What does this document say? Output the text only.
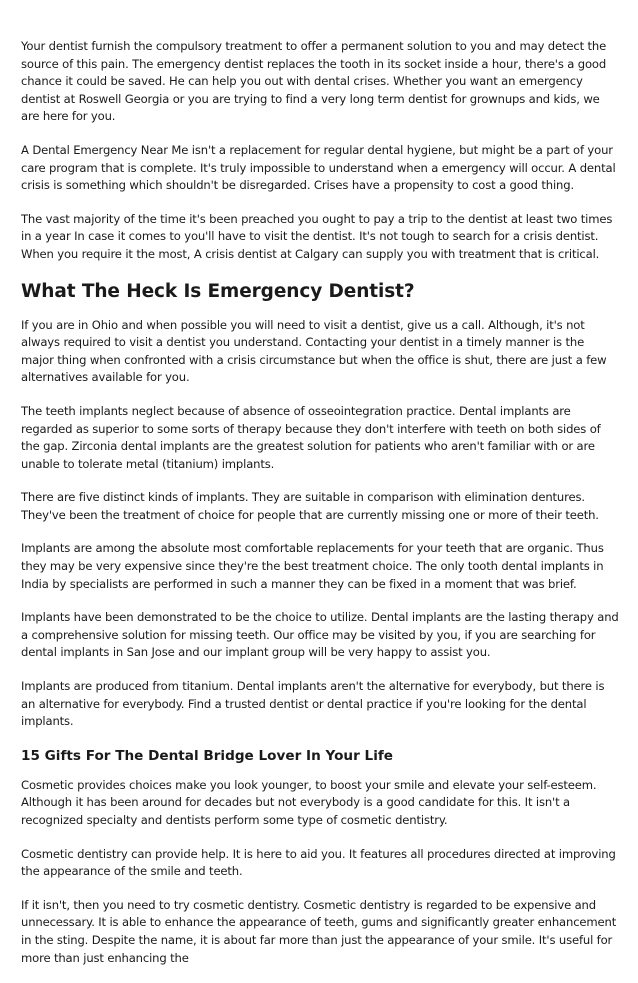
Your dentist furnish the compulsory treatment to offer a permanent solution to you and may detect the source of this pain. The emergency dentist replaces the tooth in its socket inside a hour, there's a good chance it could be saved. He can help you out with dental crises. Whether you want an emergency dentist at Roswell Georgia or you are trying to find a very long term dentist for grownups and kids, we are here for you.

A Dental Emergency Near Me isn't a replacement for regular dental hygiene, but might be a part of your care program that is complete. It's truly impossible to understand when a emergency will occur. A dental crisis is something which shouldn't be disregarded. Crises have a propensity to cost a good thing.

The vast majority of the time it's been preached you ought to pay a trip to the dentist at least two times in a year In case it comes to you'll have to visit the dentist. It's not tough to search for a crisis dentist. When you require it the most, A crisis dentist at Calgary can supply you with treatment that is critical.

What The Heck Is Emergency Dentist?

If you are in Ohio and when possible you will need to visit a dentist, give us a call. Although, it's not always required to visit a dentist you understand. Contacting your dentist in a timely manner is the major thing when confronted with a crisis circumstance but when the office is shut, there are just a few alternatives available for you.

The teeth implants neglect because of absence of osseointegration practice. Dental implants are regarded as superior to some sorts of therapy because they don't interfere with teeth on both sides of the gap. Zirconia dental implants are the greatest solution for patients who aren't familiar with or are unable to tolerate metal (titanium) implants.

There are five distinct kinds of implants. They are suitable in comparison with elimination dentures. They've been the treatment of choice for people that are currently missing one or more of their teeth.

Implants are among the absolute most comfortable replacements for your teeth that are organic. Thus they may be very expensive since they're the best treatment choice. The only tooth dental implants in India by specialists are performed in such a manner they can be fixed in a moment that was brief.

Implants have been demonstrated to be the choice to utilize. Dental implants are the lasting therapy and a comprehensive solution for missing teeth. Our office may be visited by you, if you are searching for dental implants in San Jose and our implant group will be very happy to assist you.

Implants are produced from titanium. Dental implants aren't the alternative for everybody, but there is an alternative for everybody. Find a trusted dentist or dental practice if you're looking for the dental implants.

15 Gifts For The Dental Bridge Lover In Your Life

Cosmetic provides choices make you look younger, to boost your smile and elevate your self-esteem. Although it has been around for decades but not everybody is a good candidate for this. It isn't a recognized specialty and dentists perform some type of cosmetic dentistry.

Cosmetic dentistry can provide help. It is here to aid you. It features all procedures directed at improving the appearance of the smile and teeth.

If it isn't, then you need to try cosmetic dentistry. Cosmetic dentistry is regarded to be expensive and unnecessary. It is able to enhance the appearance of teeth, gums and significantly greater enhancement in the sting. Despite the name, it is about far more than just the appearance of your smile. It's useful for more than just enhancing the
